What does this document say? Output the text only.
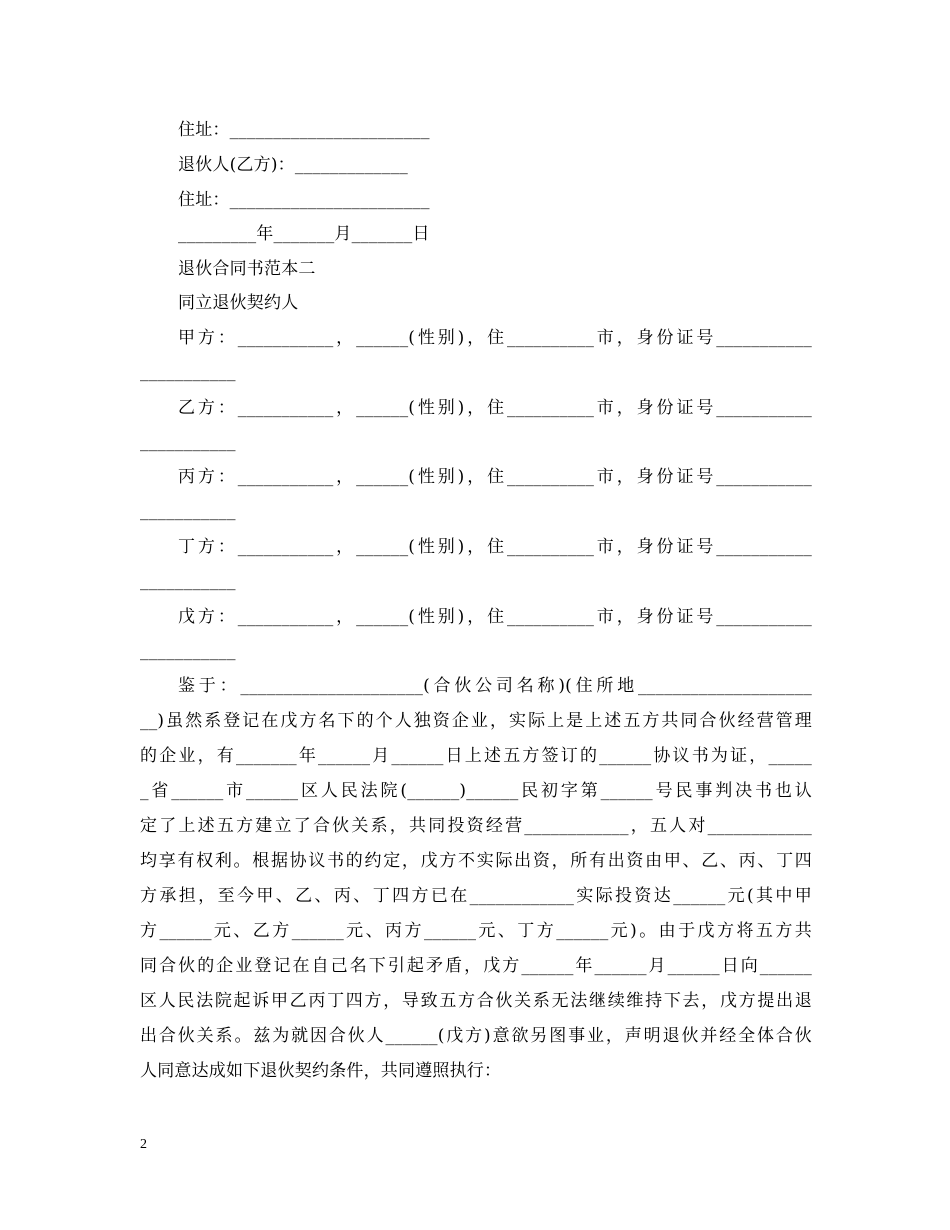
住址：_______________________
退伙人(乙方)：_____________
住址：_______________________
_________年_______月_______日
退伙合同书范本二
同立退伙契约人
甲方：___________，______(性别)，住__________市，身份证号___________
___________
乙方：___________，______(性别)，住__________市，身份证号___________
___________
丙方：___________，______(性别)，住__________市，身份证号___________
___________
丁方：___________，______(性别)，住__________市，身份证号___________
___________
戊方：___________，______(性别)，住__________市，身份证号___________
___________
鉴于：_____________________(合伙公司名称)(住所地____________________
__)虽然系登记在戊方名下的个人独资企业，实际上是上述五方共同合伙经营管理
的企业，有_______年______月______日上述五方签订的______协议书为证，_____
_省______市______区人民法院(______)______民初字第______号民事判决书也认
定了上述五方建立了合伙关系，共同投资经营____________，五人对____________
均享有权利。根据协议书的约定，戊方不实际出资，所有出资由甲、乙、丙、丁四
方承担，至今甲、乙、丙、丁四方已在____________实际投资达______元(其中甲
方______元、乙方______元、丙方______元、丁方______元)。由于戊方将五方共
同合伙的企业登记在自己名下引起矛盾，戊方______年______月______日向______
区人民法院起诉甲乙丙丁四方，导致五方合伙关系无法继续维持下去，戊方提出退
出合伙关系。兹为就因合伙人______(戊方)意欲另图事业，声明退伙并经全体合伙
人同意达成如下退伙契约条件，共同遵照执行：
2
